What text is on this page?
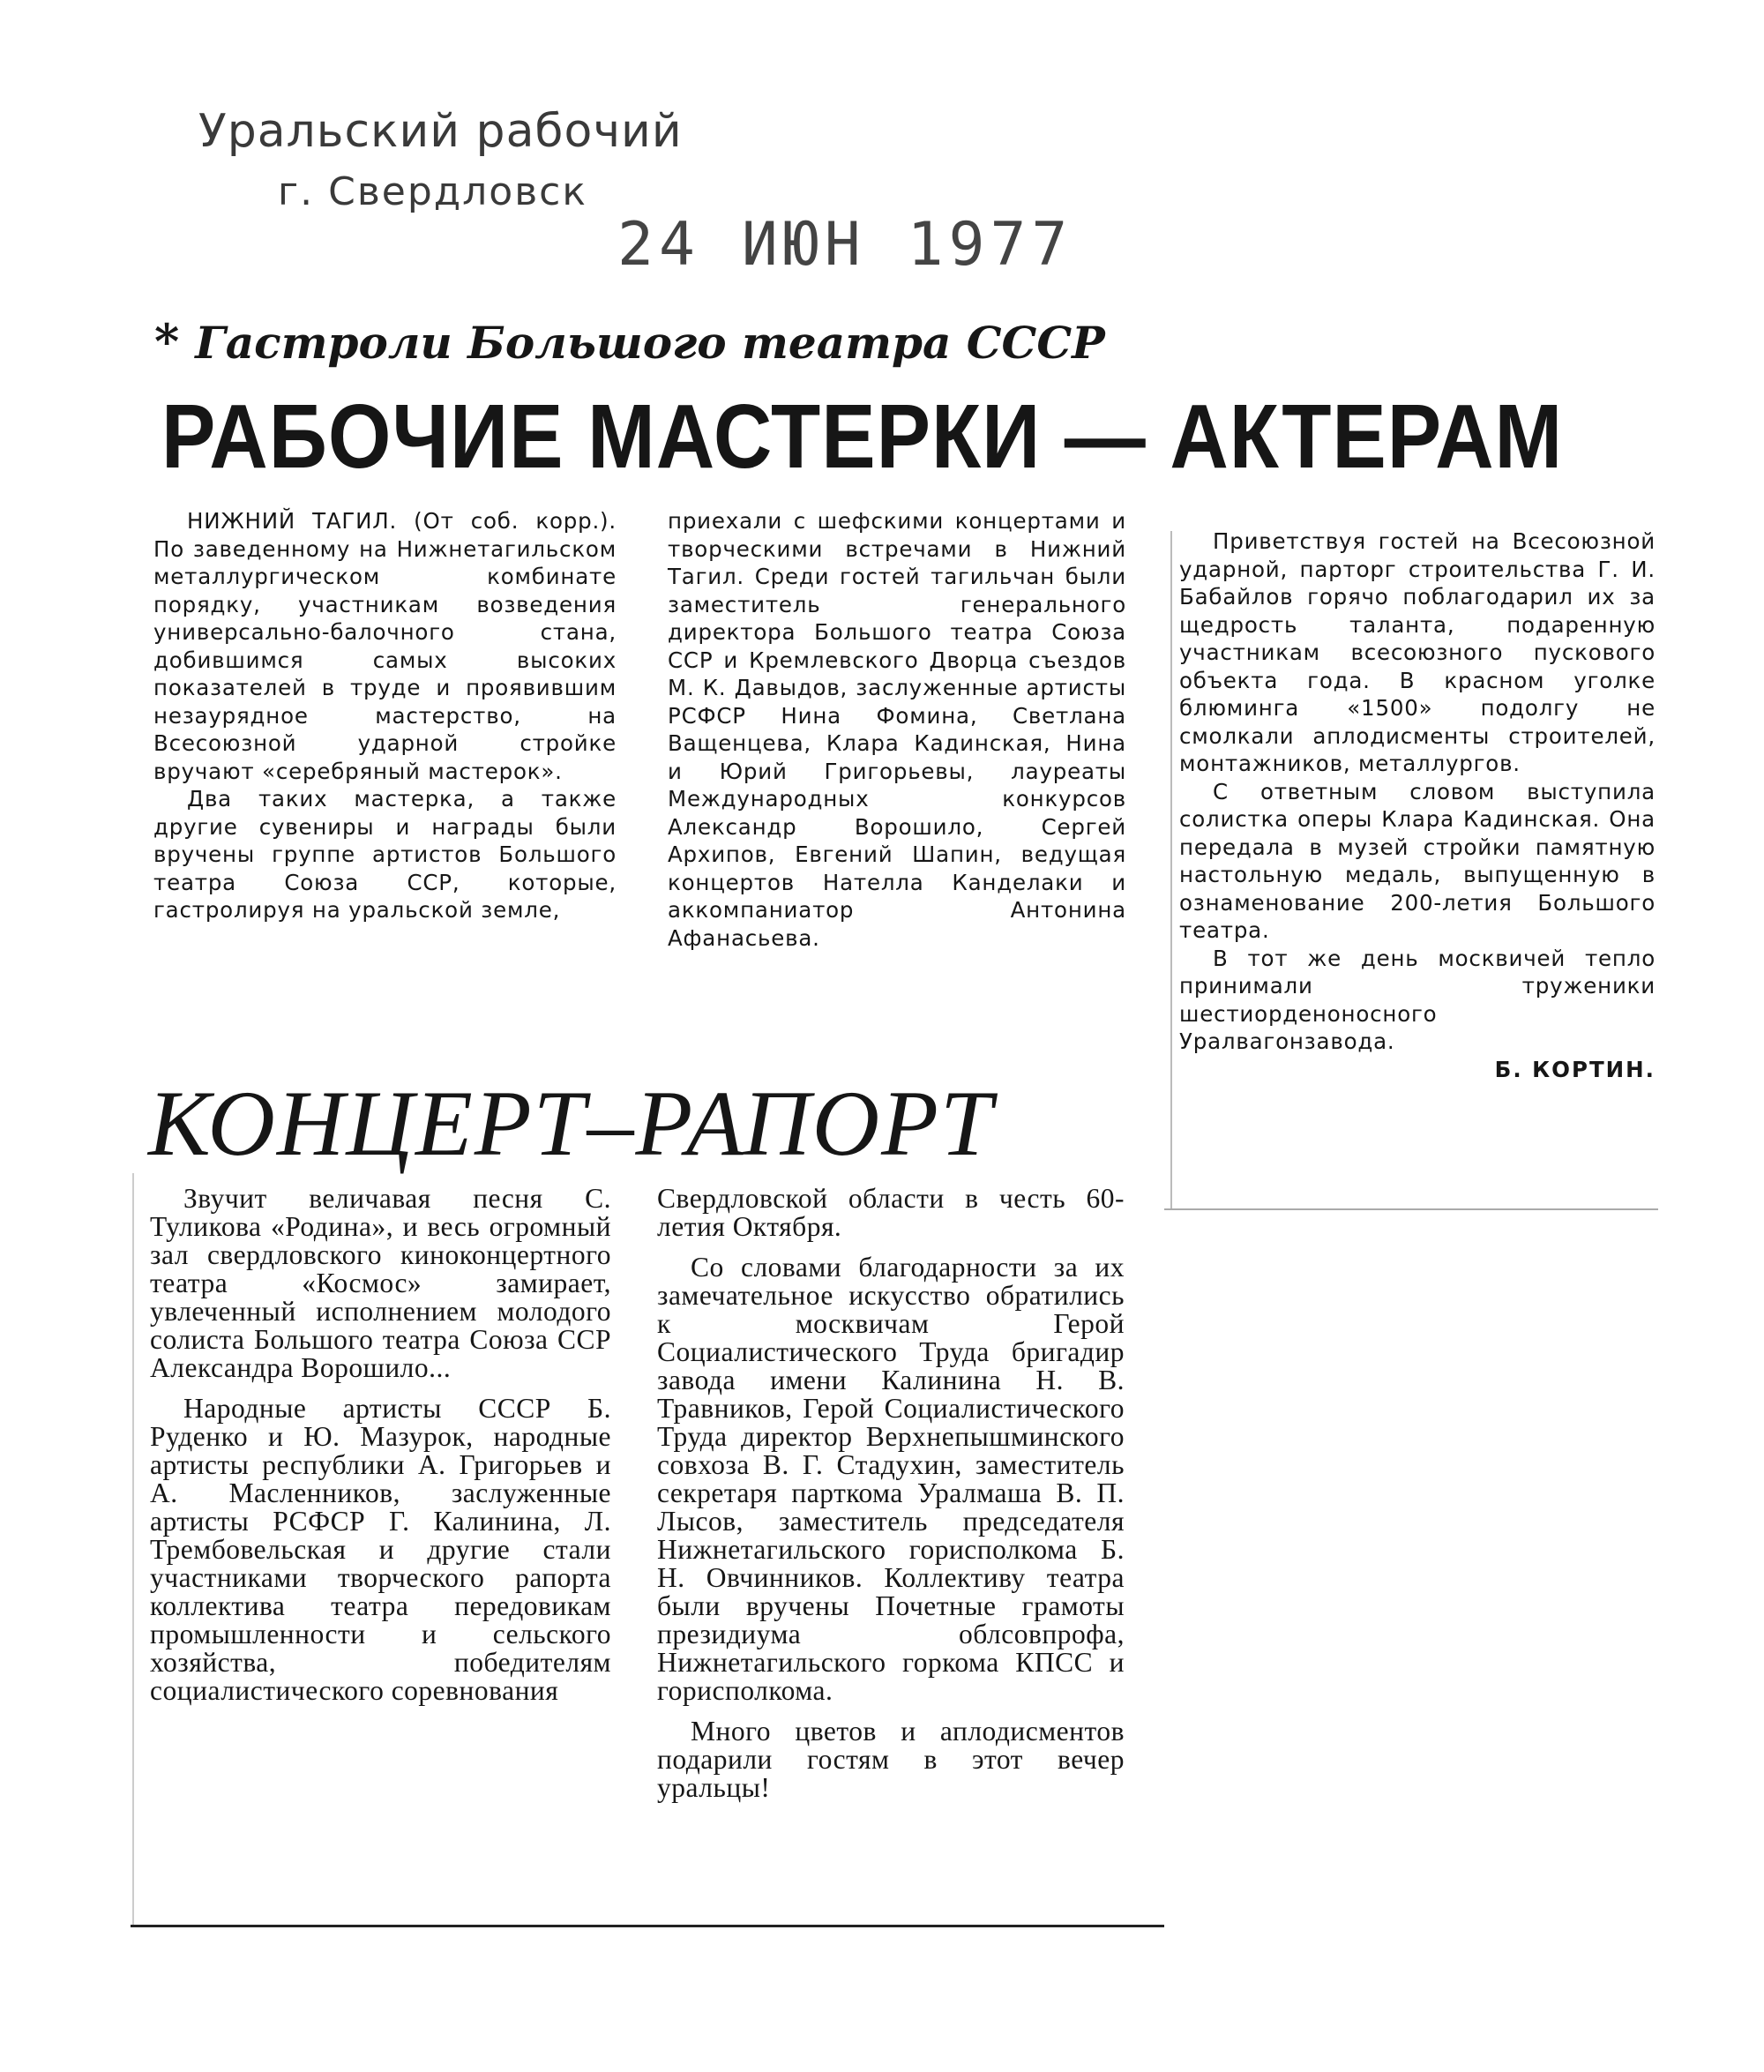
Уральский рабочий
г. Свердловск
24 ИЮН 1977
* Гастроли Большого театра СССР
РАБОЧИЕ МАСТЕРКИ — АКТЕРАМ

НИЖНИЙ ТАГИЛ. (От соб. корр.). По заведенному на Нижнетагильском металлургическом комбинате порядку, участникам возведения универсально-балочного стана, добившимся самых высоких показателей в труде и проявившим незаурядное мастерство, на Всесоюзной ударной стройке вручают «серебряный мастерок».

Два таких мастерка, а также другие сувениры и награды были вручены группе артистов Большого театра Союза ССР, которые, гастролируя на уральской земле,

приехали с шефскими концертами и творческими встречами в Нижний Тагил. Среди гостей тагильчан были заместитель генерального директора Большого театра Союза ССР и Кремлевского Дворца съездов М. К. Давыдов, заслуженные артисты РСФСР Нина Фомина, Светлана Ващенцева, Клара Кадинская, Нина и Юрий Григорьевы, лауреаты Международных конкурсов Александр Ворошило, Сергей Архипов, Евгений Шапин, ведущая концертов Нателла Канделаки и аккомпаниатор Антонина Афанасьева.

Приветствуя гостей на Всесоюзной ударной, парторг строительства Г. И. Бабайлов горячо поблагодарил их за щедрость таланта, подаренную участникам всесоюзного пускового объекта года. В красном уголке блюминга «1500» подолгу не смолкали аплодисменты строителей, монтажников, металлургов.

С ответным словом выступила солистка оперы Клара Кадинская. Она передала в музей стройки памятную настольную медаль, выпущенную в ознаменование 200-летия Большого театра.

В тот же день москвичей тепло принимали труженики шестиорденоносного Уралвагонзавода.

Б. КОРТИН.

КОНЦЕРТ–РАПОРТ

Звучит величавая песня С. Туликова «Родина», и весь огромный зал свердловского киноконцертного театра «Космос» замирает, увлеченный исполнением молодого солиста Большого театра Союза ССР Александра Ворошило...

Народные артисты СССР Б. Руденко и Ю. Мазурок, народные артисты республики А. Григорьев и А. Масленников, заслуженные артисты РСФСР Г. Калинина, Л. Трембовельская и другие стали участниками творческого рапорта коллектива театра передовикам промышленности и сельского хозяйства, победителям социалистического соревнования

Свердловской области в честь 60-летия Октября.

Со словами благодарности за их замечательное искусство обратились к москвичам Герой Социалистического Труда бригадир завода имени Калинина Н. В. Травников, Герой Социалистического Труда директор Верхнепышминского совхоза В. Г. Стадухин, заместитель секретаря парткома Уралмаша В. П. Лысов, заместитель председателя Нижнетагильского горисполкома Б. Н. Овчинников. Коллективу театра были вручены Почетные грамоты президиума облсовпрофа, Нижнетагильского горкома КПСС и горисполкома.

Много цветов и аплодисментов подарили гостям в этот вечер уральцы!
